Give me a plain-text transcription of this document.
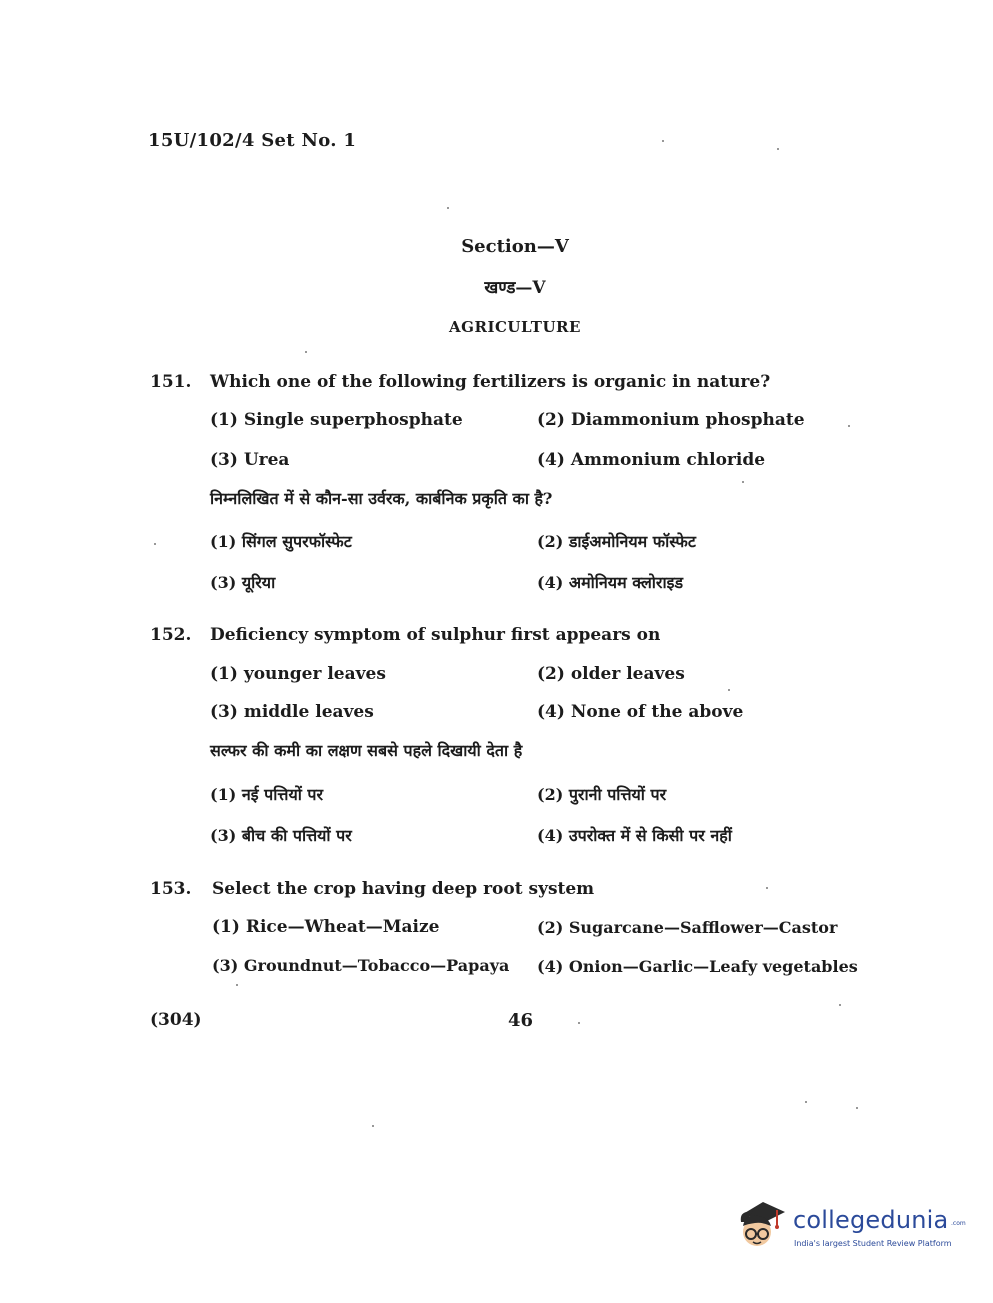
15U/102/4 Set No. 1
Section—V
खण्ड—V
AGRICULTURE
151. Which one of the following fertilizers is organic in nature?
(1) Single superphosphate	(2) Diammonium phosphate
(3) Urea	(4) Ammonium chloride
निम्नलिखित में से कौन-सा उर्वरक, कार्बनिक प्रकृति का है?
(1) सिंगल सुपरफॉस्फेट	(2) डाईअमोनियम फॉस्फेट
(3) यूरिया	(4) अमोनियम क्लोराइड
152. Deficiency symptom of sulphur first appears on
(1) younger leaves	(2) older leaves
(3) middle leaves	(4) None of the above
सल्फर की कमी का लक्षण सबसे पहले दिखायी देता है
(1) नई पत्तियों पर	(2) पुरानी पत्तियों पर
(3) बीच की पत्तियों पर	(4) उपरोक्त में से किसी पर नहीं
153. Select the crop having deep root system
(1) Rice—Wheat—Maize	(2) Sugarcane—Safflower—Castor
(3) Groundnut—Tobacco—Papaya (4) Onion—Garlic—Leafy vegetables
(304)	46
collegedunia .com
India's largest Student Review Platform
